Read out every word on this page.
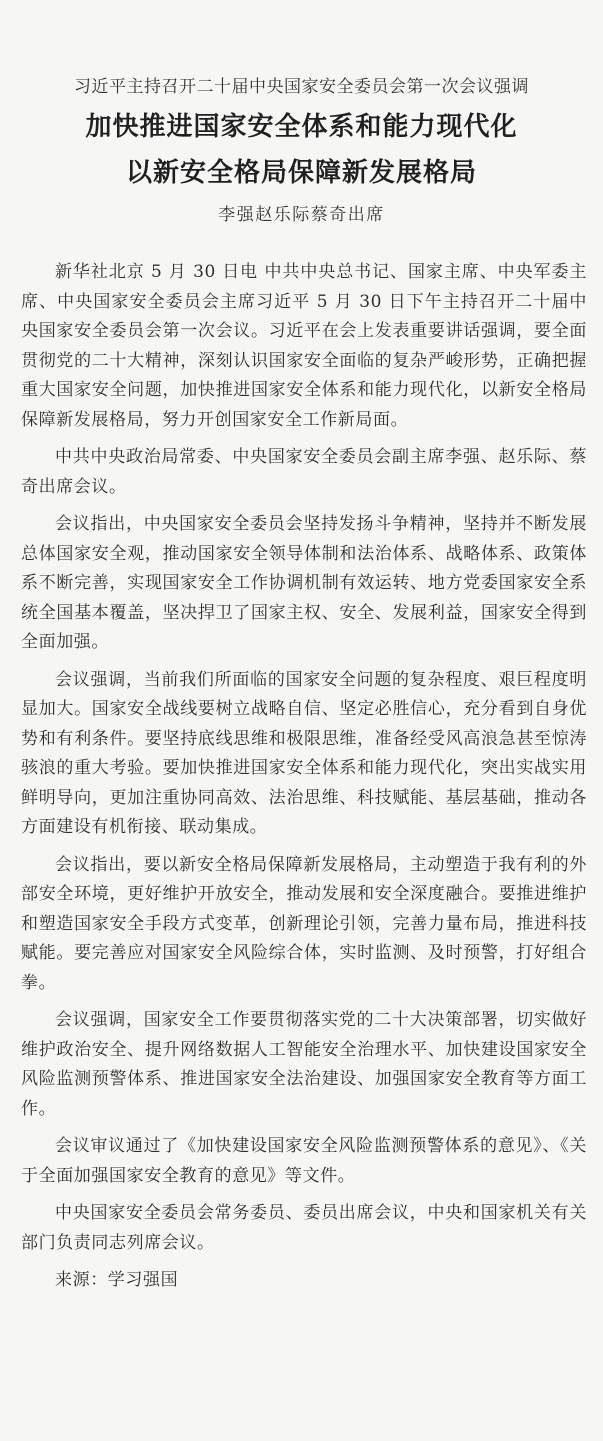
习近平主持召开二十届中央国家安全委员会第一次会议强调
加快推进国家安全体系和能力现代化
以新安全格局保障新发展格局
李强赵乐际蔡奇出席

新华社北京 5 月 30 日电 中共中央总书记、国家主席、中央军委主席、中央国家安全委员会主席习近平 5 月 30 日下午主持召开二十届中央国家安全委员会第一次会议。习近平在会上发表重要讲话强调，要全面贯彻党的二十大精神，深刻认识国家安全面临的复杂严峻形势，正确把握重大国家安全问题，加快推进国家安全体系和能力现代化，以新安全格局保障新发展格局，努力开创国家安全工作新局面。

中共中央政治局常委、中央国家安全委员会副主席李强、赵乐际、蔡奇出席会议。

会议指出，中央国家安全委员会坚持发扬斗争精神，坚持并不断发展总体国家安全观，推动国家安全领导体制和法治体系、战略体系、政策体系不断完善，实现国家安全工作协调机制有效运转、地方党委国家安全系统全国基本覆盖，坚决捍卫了国家主权、安全、发展利益，国家安全得到全面加强。

会议强调，当前我们所面临的国家安全问题的复杂程度、艰巨程度明显加大。国家安全战线要树立战略自信、坚定必胜信心，充分看到自身优势和有利条件。要坚持底线思维和极限思维，准备经受风高浪急甚至惊涛骇浪的重大考验。要加快推进国家安全体系和能力现代化，突出实战实用鲜明导向，更加注重协同高效、法治思维、科技赋能、基层基础，推动各方面建设有机衔接、联动集成。

会议指出，要以新安全格局保障新发展格局，主动塑造于我有利的外部安全环境，更好维护开放安全，推动发展和安全深度融合。要推进维护和塑造国家安全手段方式变革，创新理论引领，完善力量布局，推进科技赋能。要完善应对国家安全风险综合体，实时监测、及时预警，打好组合拳。

会议强调，国家安全工作要贯彻落实党的二十大决策部署，切实做好维护政治安全、提升网络数据人工智能安全治理水平、加快建设国家安全风险监测预警体系、推进国家安全法治建设、加强国家安全教育等方面工作。

会议审议通过了《加快建设国家安全风险监测预警体系的意见》、《关于全面加强国家安全教育的意见》等文件。

中央国家安全委员会常务委员、委员出席会议，中央和国家机关有关部门负责同志列席会议。

来源：学习强国
